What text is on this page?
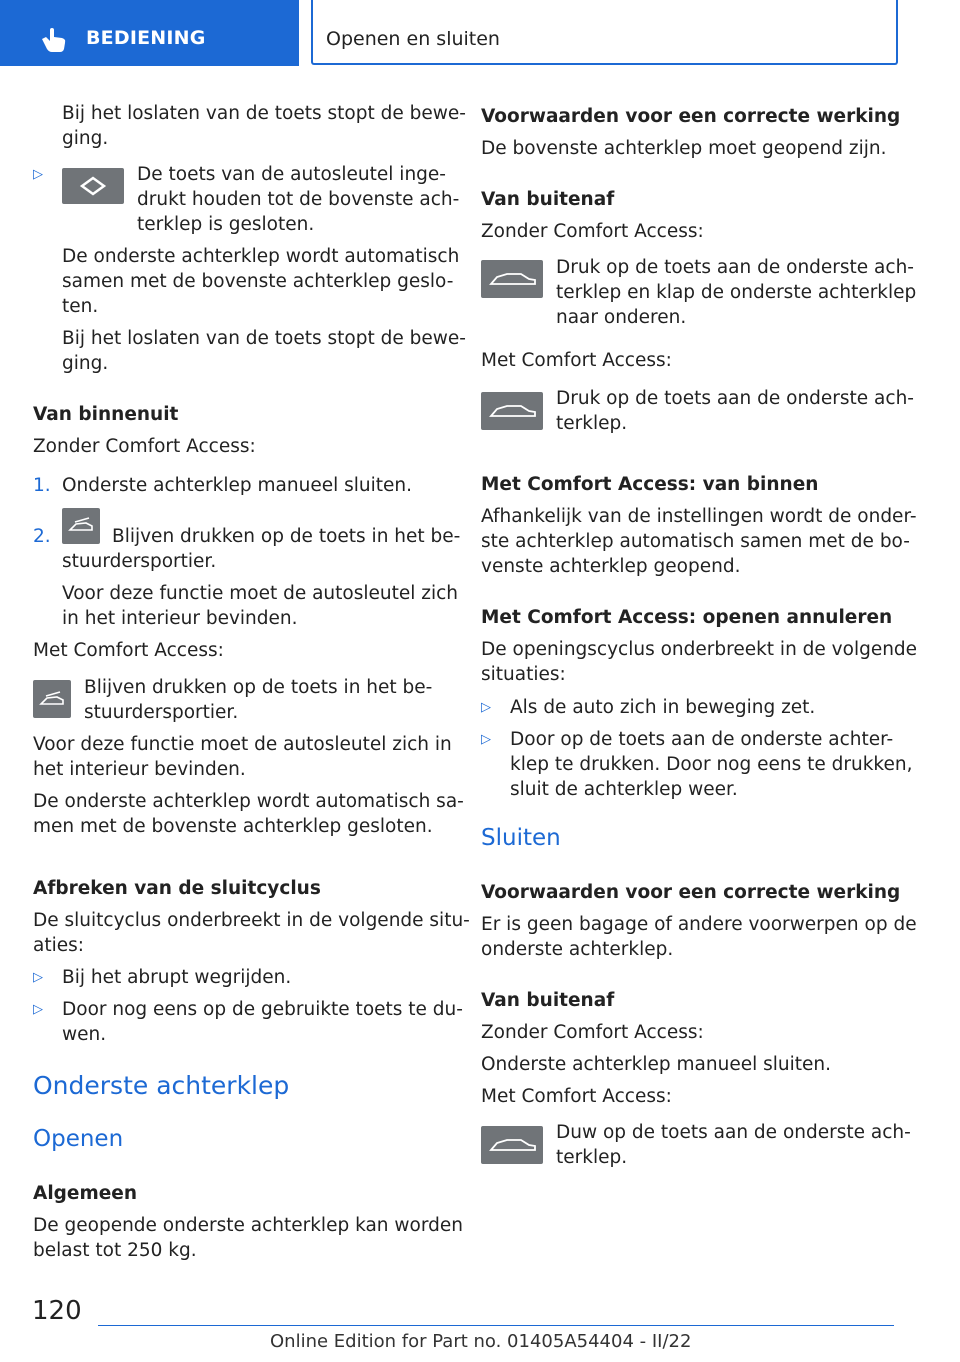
BEDIENING	Openen en sluiten

Bij het loslaten van de toets stopt de bewe-

ging.

▷	De toets van de autosleutel inge-

drukt houden tot de bovenste ach-

terklep is gesloten.

De onderste achterklep wordt automatisch

samen met de bovenste achterklep geslo-

ten.

Bij het loslaten van de toets stopt de bewe-

ging.

Van binnenuit

Zonder Comfort Access:

1. Onderste achterklep manueel sluiten.

2.	Blijven drukken op de toets in het be-

stuurdersportier.

Voor deze functie moet de autosleutel zich

in het interieur bevinden.

Met Comfort Access:

Blijven drukken op de toets in het be-

stuurdersportier.

Voor deze functie moet de autosleutel zich in

het interieur bevinden.

De onderste achterklep wordt automatisch sa-

men met de bovenste achterklep gesloten.

Afbreken van de sluitcyclus

De sluitcyclus onderbreekt in de volgende situ-

aties:

▷ Bij het abrupt wegrijden.

▷ Door nog eens op de gebruikte toets te du-

wen.

Onderste achterklep

Openen

Algemeen

De geopende onderste achterklep kan worden

belast tot 250 kg.

Voorwaarden voor een correcte werking

De bovenste achterklep moet geopend zijn.

Van buitenaf

Zonder Comfort Access:

Druk op de toets aan de onderste ach-

terklep en klap de onderste achterklep

naar onderen.

Met Comfort Access:

Druk op de toets aan de onderste ach-

terklep.

Met Comfort Access: van binnen

Afhankelijk van de instellingen wordt de onder-

ste achterklep automatisch samen met de bo-

venste achterklep geopend.

Met Comfort Access: openen annuleren

De openingscyclus onderbreekt in de volgende

situaties:

▷ Als de auto zich in beweging zet.

▷ Door op de toets aan de onderste achter-

klep te drukken. Door nog eens te drukken,

sluit de achterklep weer.

Sluiten

Voorwaarden voor een correcte werking

Er is geen bagage of andere voorwerpen op de

onderste achterklep.

Van buitenaf

Zonder Comfort Access:

Onderste achterklep manueel sluiten.

Met Comfort Access:

Duw op de toets aan de onderste ach-

terklep.

120
Online Edition for Part no. 01405A54404 - II/22
